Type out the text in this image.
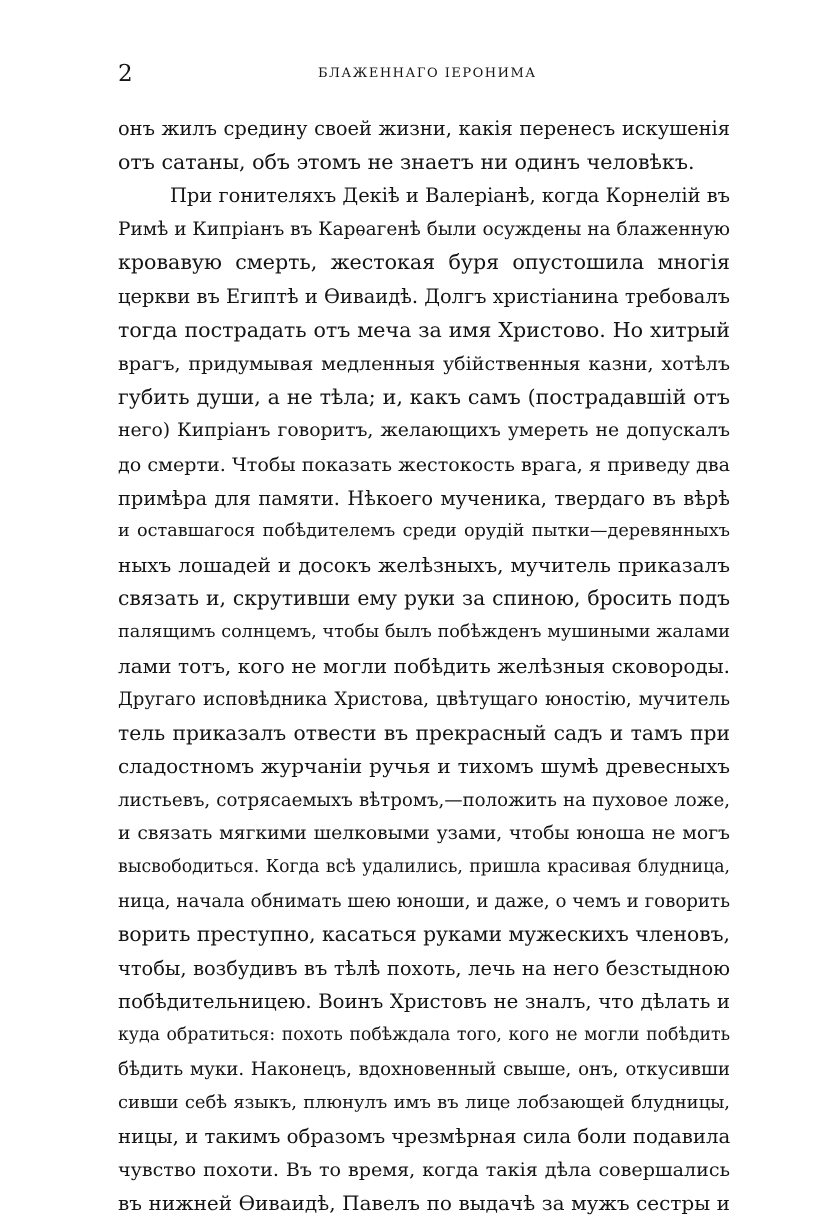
2	БЛАЖЕННАГО ІЕРОНИМА
онъ жилъ средину своей жизни, какія перенесъ искушенія
отъ сатаны, объ этомъ не знаетъ ни одинъ человѣкъ.
При гонителяхъ Декіѣ и Валеріанѣ, когда Корнелій въ
Римѣ и Кипріанъ въ Карѳагенѣ были осуждены на блаженную
кровавую смерть, жестокая буря опустошила многія
церкви въ Египтѣ и Ѳиваидѣ. Долгъ христіанина требовалъ
тогда пострадать отъ меча за имя Христово. Но хитрый
врагъ, придумывая медленныя убійственныя казни, хотѣлъ
губить души, а не тѣла; и, какъ самъ (пострадавшій отъ
него) Кипріанъ говоритъ, желающихъ умереть не допускалъ
до смерти. Чтобы показать жестокость врага, я приведу два
примѣра для памяти. Нѣкоего мученика, твердаго въ вѣрѣ
и оставшагося побѣдителемъ среди орудій пытки—деревянныхъ
ныхъ лошадей и досокъ желѣзныхъ, мучитель приказалъ
связать и, скрутивши ему руки за спиною, бросить подъ
палящимъ солнцемъ, чтобы былъ побѣжденъ мушиными жалами
лами тотъ, кого не могли побѣдить желѣзныя сковороды.
Другаго исповѣдника Христова, цвѣтущаго юностію, мучитель
тель приказалъ отвести въ прекрасный садъ и тамъ при
сладостномъ журчаніи ручья и тихомъ шумѣ древесныхъ
листьевъ, сотрясаемыхъ вѣтромъ,—положить на пуховое ложе,
и связать мягкими шелковыми узами, чтобы юноша не могъ
высвободиться. Когда всѣ удалились, пришла красивая блудница,
ница, начала обнимать шею юноши, и даже, о чемъ и говорить
ворить преступно, касаться руками мужескихъ членовъ,
чтобы, возбудивъ въ тѣлѣ похоть, лечь на него безстыдною
побѣдительницею. Воинъ Христовъ не зналъ, что дѣлать и
куда обратиться: похоть побѣждала того, кого не могли побѣдить
бѣдить муки. Наконецъ, вдохновенный свыше, онъ, откусивши
сивши себѣ языкъ, плюнулъ имъ въ лице лобзающей блудницы,
ницы, и такимъ образомъ чрезмѣрная сила боли подавила
чувство похоти. Въ то время, когда такія дѣла совершались
въ нижней Ѳиваидѣ, Павелъ по выдачѣ за мужъ сестры и
